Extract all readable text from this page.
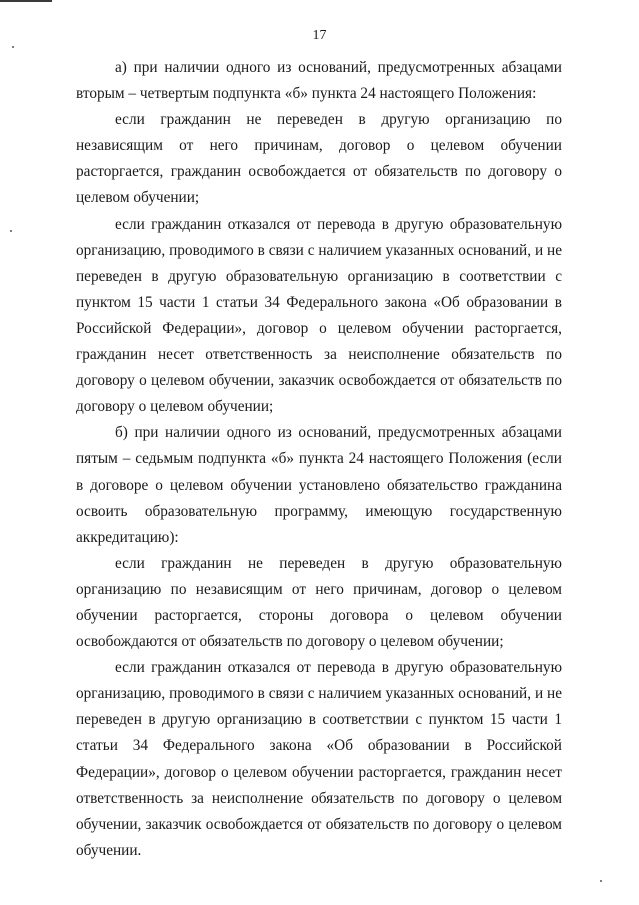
17

а) при наличии одного из оснований, предусмотренных абзацами вторым – четвертым подпункта «б» пункта 24 настоящего Положения:

если гражданин не переведен в другую организацию по независящим от него причинам, договор о целевом обучении расторгается, гражданин освобождается от обязательств по договору о целевом обучении;

если гражданин отказался от перевода в другую образовательную организацию, проводимого в связи с наличием указанных оснований, и не переведен в другую образовательную организацию в соответствии с пунктом 15 части 1 статьи 34 Федерального закона «Об образовании в Российской Федерации», договор о целевом обучении расторгается, гражданин несет ответственность за неисполнение обязательств по договору о целевом обучении, заказчик освобождается от обязательств по договору о целевом обучении;

б) при наличии одного из оснований, предусмотренных абзацами пятым – седьмым подпункта «б» пункта 24 настоящего Положения (если в договоре о целевом обучении установлено обязательство гражданина освоить образовательную программу, имеющую государственную аккредитацию):

если гражданин не переведен в другую образовательную организацию по независящим от него причинам, договор о целевом обучении расторгается, стороны договора о целевом обучении освобождаются от обязательств по договору о целевом обучении;

если гражданин отказался от перевода в другую образовательную организацию, проводимого в связи с наличием указанных оснований, и не переведен в другую организацию в соответствии с пунктом 15 части 1 статьи 34 Федерального закона «Об образовании в Российской Федерации», договор о целевом обучении расторгается, гражданин несет ответственность за неисполнение обязательств по договору о целевом обучении, заказчик освобождается от обязательств по договору о целевом обучении.
